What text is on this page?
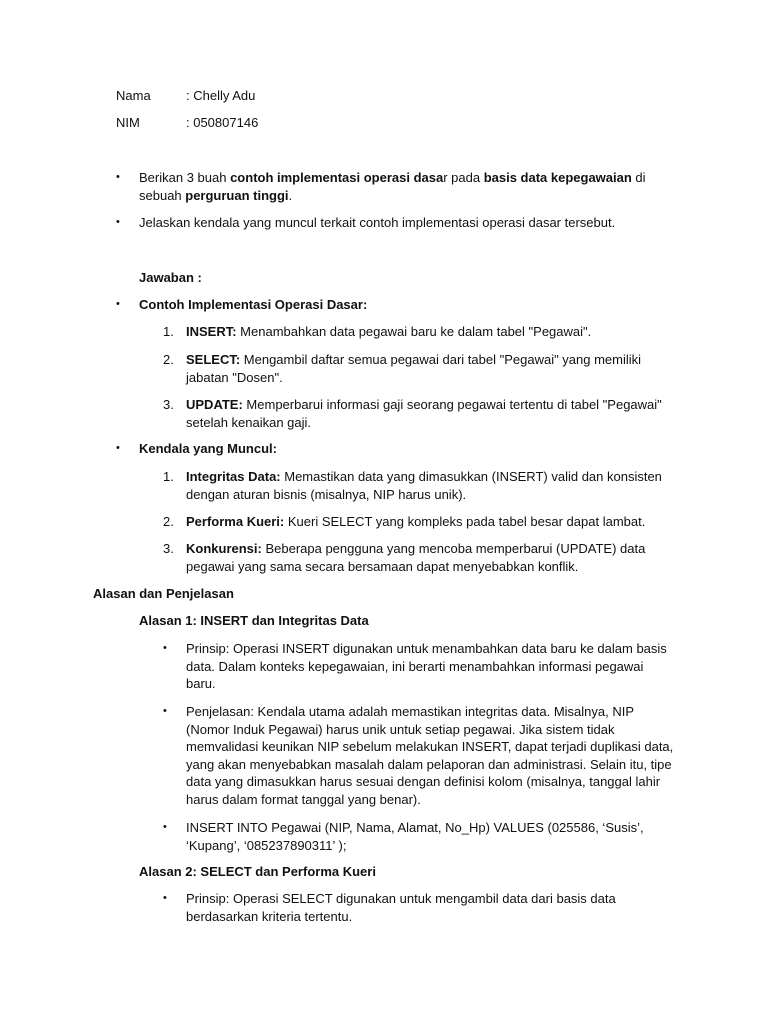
Nama	: Chelly Adu
NIM	: 050807146
• Berikan 3 buah contoh implementasi operasi dasar pada basis data kepegawaian di sebuah perguruan tinggi.
• Jelaskan kendala yang muncul terkait contoh implementasi operasi dasar tersebut.
Jawaban :
• Contoh Implementasi Operasi Dasar:
1. INSERT: Menambahkan data pegawai baru ke dalam tabel "Pegawai".
2. SELECT: Mengambil daftar semua pegawai dari tabel "Pegawai" yang memiliki jabatan "Dosen".
3. UPDATE: Memperbarui informasi gaji seorang pegawai tertentu di tabel "Pegawai" setelah kenaikan gaji.
• Kendala yang Muncul:
1. Integritas Data: Memastikan data yang dimasukkan (INSERT) valid dan konsisten dengan aturan bisnis (misalnya, NIP harus unik).
2. Performa Kueri: Kueri SELECT yang kompleks pada tabel besar dapat lambat.
3. Konkurensi: Beberapa pengguna yang mencoba memperbarui (UPDATE) data pegawai yang sama secara bersamaan dapat menyebabkan konflik.
Alasan dan Penjelasan
Alasan 1: INSERT dan Integritas Data
• Prinsip: Operasi INSERT digunakan untuk menambahkan data baru ke dalam basis data. Dalam konteks kepegawaian, ini berarti menambahkan informasi pegawai baru.
• Penjelasan: Kendala utama adalah memastikan integritas data. Misalnya, NIP (Nomor Induk Pegawai) harus unik untuk setiap pegawai. Jika sistem tidak memvalidasi keunikan NIP sebelum melakukan INSERT, dapat terjadi duplikasi data, yang akan menyebabkan masalah dalam pelaporan dan administrasi. Selain itu, tipe data yang dimasukkan harus sesuai dengan definisi kolom (misalnya, tanggal lahir harus dalam format tanggal yang benar).
• INSERT INTO Pegawai (NIP, Nama, Alamat, No_Hp) VALUES (025586, ‘Susis’, ‘Kupang’, ‘085237890311’ );
Alasan 2: SELECT dan Performa Kueri
• Prinsip: Operasi SELECT digunakan untuk mengambil data dari basis data berdasarkan kriteria tertentu.
